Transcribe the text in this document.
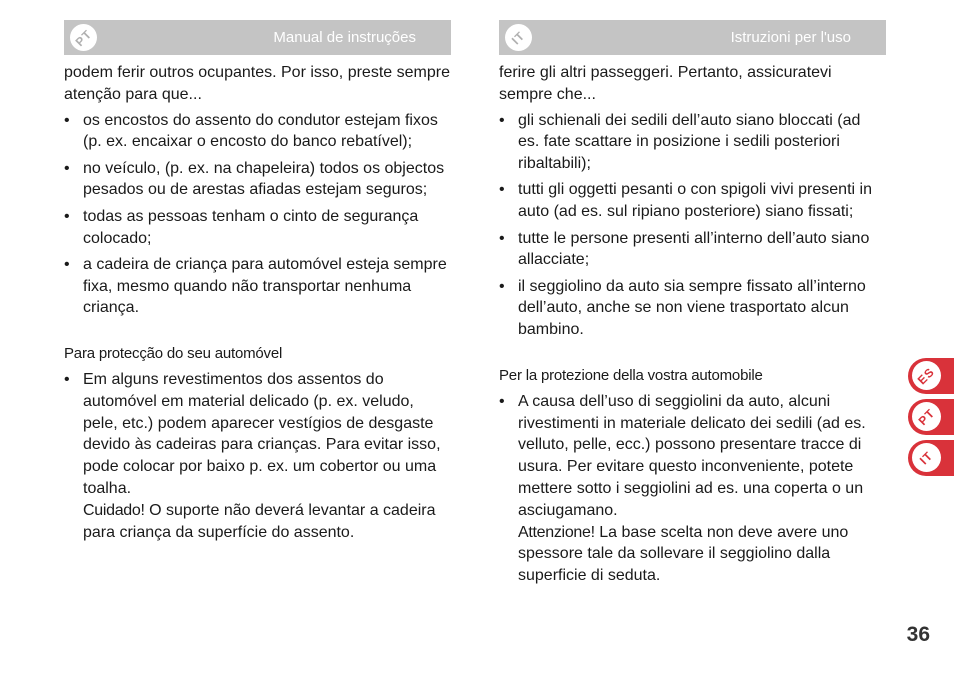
PT	Manual de instruções

podem ferir outros ocupantes. Por isso, preste sempre atenção para que...

• os encostos do assento do condutor estejam fixos (p. ex. encaixar o encosto do banco rebatível);
• no veículo, (p. ex. na chapeleira) todos os objectos pesados ou de arestas afiadas estejam seguros;
• todas as pessoas tenham o cinto de segurança colocado;
• a cadeira de criança para automóvel esteja sempre fixa, mesmo quando não transportar nenhuma criança.

Para protecção do seu automóvel

• Em alguns revestimentos dos assentos do automóvel em material delicado (p. ex. veludo, pele, etc.) podem aparecer vestígios de desgaste devido às cadeiras para crianças. Para evitar isso, pode colocar por baixo p. ex. um cobertor ou uma toalha.
Cuidado! O suporte não deverá levantar a cadeira para criança da superfície do assento.
IT	Istruzioni per l'uso

ferire gli altri passeggeri. Pertanto, assicuratevi sempre che...

• gli schienali dei sedili dell’auto siano bloccati (ad es. fate scattare in posizione i sedili posteriori ribaltabili);
• tutti gli oggetti pesanti o con spigoli vivi presenti in auto (ad es. sul ripiano posteriore) siano fissati;
• tutte le persone presenti all’interno dell’auto siano allacciate;
• il seggiolino da auto sia sempre fissato all’interno dell’auto, anche se non viene trasportato alcun bambino.

Per la protezione della vostra automobile

• A causa dell’uso di seggiolini da auto, alcuni rivestimenti in materiale delicato dei sedili (ad es. velluto, pelle, ecc.) possono presentare tracce di usura. Per evitare questo inconveniente, potete mettere sotto i seggiolini ad es. una coperta o un asciugamano.
Attenzione! La base scelta non deve avere uno spessore tale da sollevare il seggiolino dalla superficie di seduta.
ES
PT
IT
36
